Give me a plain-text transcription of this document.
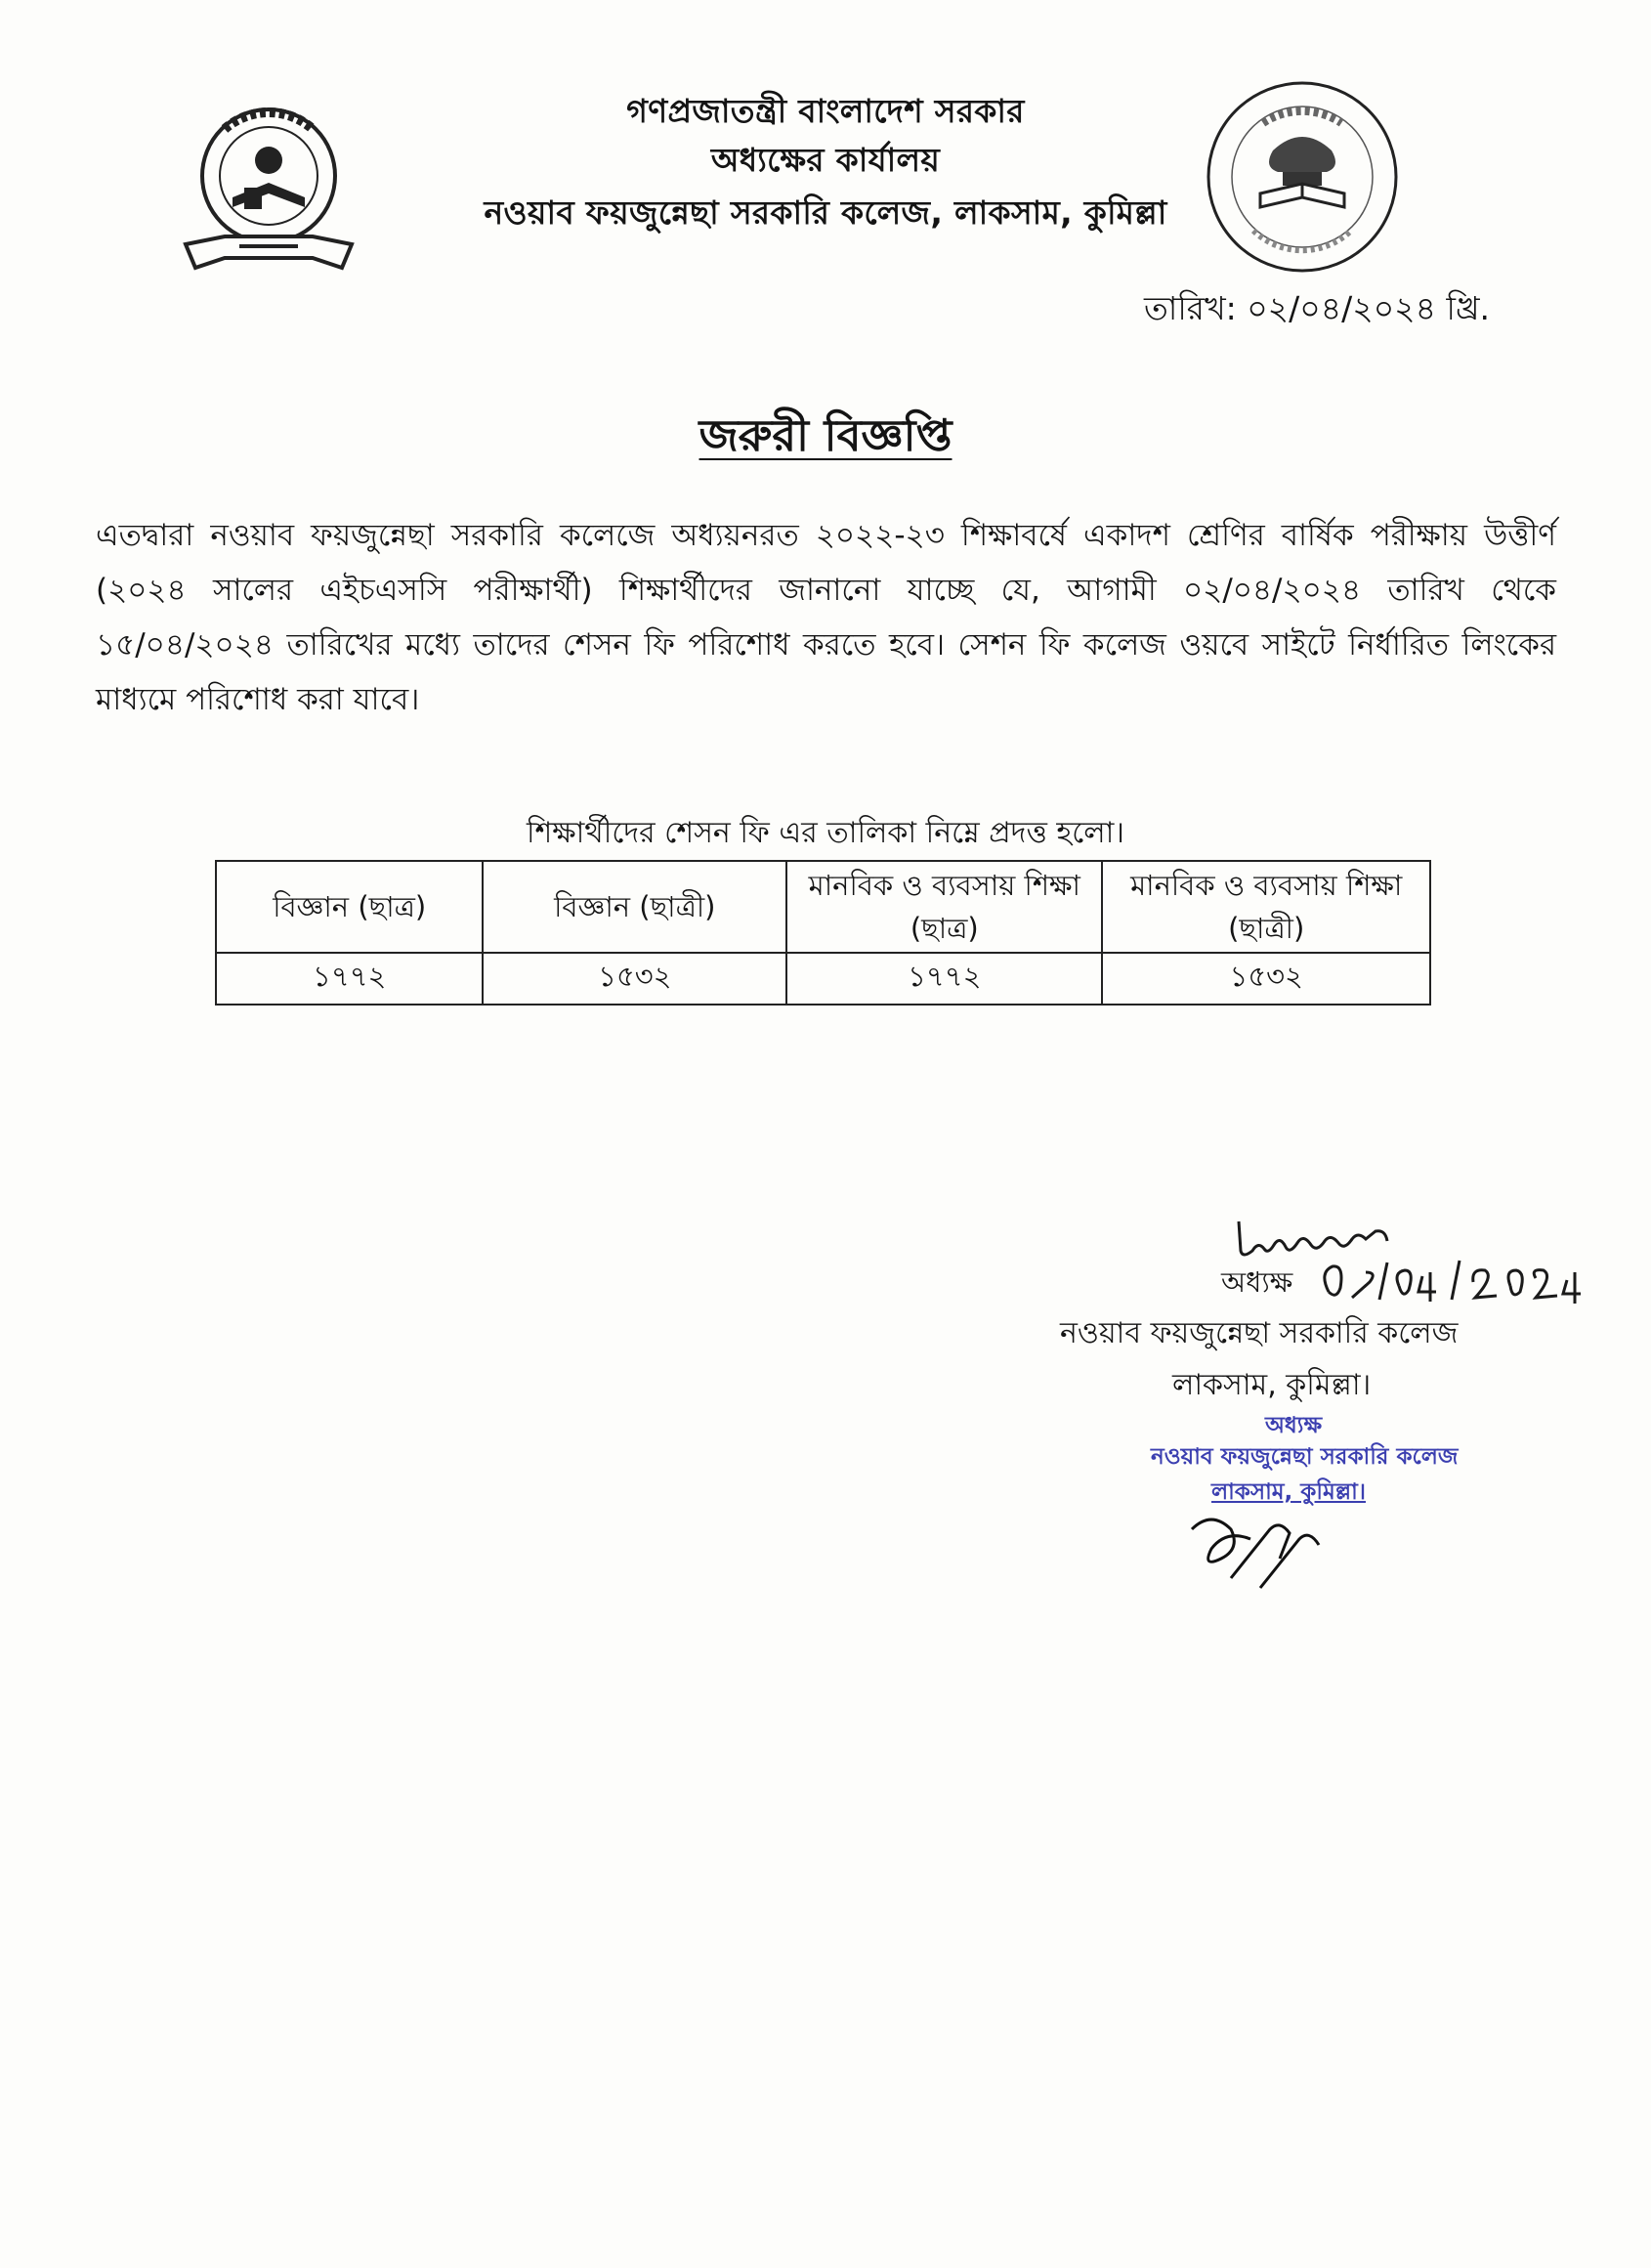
গণপ্রজাতন্ত্রী বাংলাদেশ সরকার
অধ্যক্ষের কার্যালয়
নওয়াব ফয়জুন্নেছা সরকারি কলেজ, লাকসাম, কুমিল্লা
তারিখ: ০২/০৪/২০২৪ খ্রি.
জরুরী বিজ্ঞপ্তি
এতদ্বারা নওয়াব ফয়জুন্নেছা সরকারি কলেজে অধ্যয়নরত ২০২২-২৩ শিক্ষাবর্ষে একাদশ শ্রেণির বার্ষিক পরীক্ষায় উত্তীর্ণ (২০২৪ সালের এইচএসসি পরীক্ষার্থী) শিক্ষার্থীদের জানানো যাচ্ছে যে, আগামী ০২/০৪/২০২৪ তারিখ থেকে ১৫/০৪/২০২৪ তারিখের মধ্যে তাদের শেসন ফি পরিশোধ করতে হবে। সেশন ফি কলেজ ওয়বে সাইটে নির্ধারিত লিংকের মাধ্যমে পরিশোধ করা যাবে।
শিক্ষার্থীদের শেসন ফি এর তালিকা নিম্নে প্রদত্ত হলো।
বিজ্ঞান (ছাত্র)	বিজ্ঞান (ছাত্রী)	মানবিক ও ব্যবসায় শিক্ষা (ছাত্র)	মানবিক ও ব্যবসায় শিক্ষা (ছাত্রী)
১৭৭২	১৫৩২	১৭৭২	১৫৩২
অধ্যক্ষ
নওয়াব ফয়জুন্নেছা সরকারি কলেজ
লাকসাম, কুমিল্লা।
অধ্যক্ষ
নওয়াব ফয়জুন্নেছা সরকারি কলেজ
লাকসাম, কুমিল্লা।
